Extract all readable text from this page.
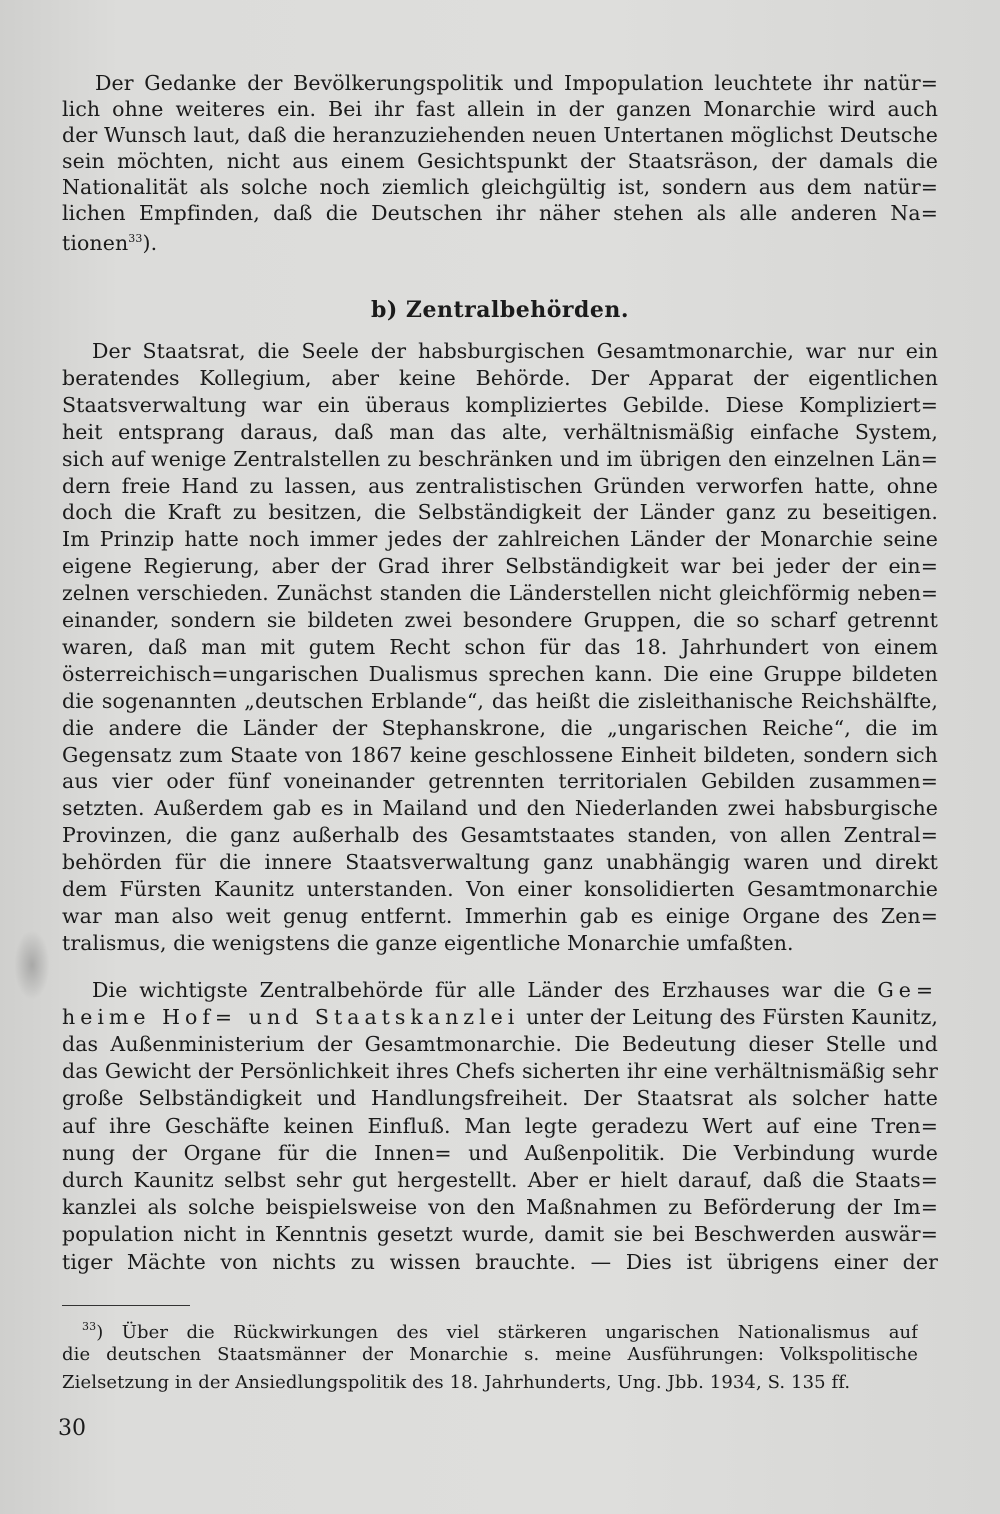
Der Gedanke der Bevölkerungspolitik und Impopulation leuchtete ihr natür=
lich ohne weiteres ein. Bei ihr fast allein in der ganzen Monarchie wird auch
der Wunsch laut, daß die heranzuziehenden neuen Untertanen möglichst Deutsche
sein möchten, nicht aus einem Gesichtspunkt der Staatsräson, der damals die
Nationalität als solche noch ziemlich gleichgültig ist, sondern aus dem natür=
lichen Empfinden, daß die Deutschen ihr näher stehen als alle anderen Na=
tionen$^{33}$).
b) Zentralbehörden.
Der Staatsrat, die Seele der habsburgischen Gesamtmonarchie, war nur ein
beratendes Kollegium, aber keine Behörde. Der Apparat der eigentlichen
Staatsverwaltung war ein überaus kompliziertes Gebilde. Diese Kompliziert=
heit entsprang daraus, daß man das alte, verhältnismäßig einfache System,
sich auf wenige Zentralstellen zu beschränken und im übrigen den einzelnen Län=
dern freie Hand zu lassen, aus zentralistischen Gründen verworfen hatte, ohne
doch die Kraft zu besitzen, die Selbständigkeit der Länder ganz zu beseitigen.
Im Prinzip hatte noch immer jedes der zahlreichen Länder der Monarchie seine
eigene Regierung, aber der Grad ihrer Selbständigkeit war bei jeder der ein=
zelnen verschieden. Zunächst standen die Länderstellen nicht gleichförmig neben=
einander, sondern sie bildeten zwei besondere Gruppen, die so scharf getrennt
waren, daß man mit gutem Recht schon für das 18. Jahrhundert von einem
österreichisch=ungarischen Dualismus sprechen kann. Die eine Gruppe bildeten
die sogenannten „deutschen Erblande“, das heißt die zisleithanische Reichshälfte,
die andere die Länder der Stephanskrone, die „ungarischen Reiche“, die im
Gegensatz zum Staate von 1867 keine geschlossene Einheit bildeten, sondern sich
aus vier oder fünf voneinander getrennten territorialen Gebilden zusammen=
setzten. Außerdem gab es in Mailand und den Niederlanden zwei habsburgische
Provinzen, die ganz außerhalb des Gesamtstaates standen, von allen Zentral=
behörden für die innere Staatsverwaltung ganz unabhängig waren und direkt
dem Fürsten Kaunitz unterstanden. Von einer konsolidierten Gesamtmonarchie
war man also weit genug entfernt. Immerhin gab es einige Organe des Zen=
tralismus, die wenigstens die ganze eigentliche Monarchie umfaßten.
Die wichtigste Zentralbehörde für alle Länder des Erzhauses war die Ge=
heime Hof= und Staatskanzlei unter der Leitung des Fürsten Kaunitz,
das Außenministerium der Gesamtmonarchie. Die Bedeutung dieser Stelle und
das Gewicht der Persönlichkeit ihres Chefs sicherten ihr eine verhältnismäßig sehr
große Selbständigkeit und Handlungsfreiheit. Der Staatsrat als solcher hatte
auf ihre Geschäfte keinen Einfluß. Man legte geradezu Wert auf eine Tren=
nung der Organe für die Innen= und Außenpolitik. Die Verbindung wurde
durch Kaunitz selbst sehr gut hergestellt. Aber er hielt darauf, daß die Staats=
kanzlei als solche beispielsweise von den Maßnahmen zu Beförderung der Im=
population nicht in Kenntnis gesetzt wurde, damit sie bei Beschwerden auswär=
tiger Mächte von nichts zu wissen brauchte. — Dies ist übrigens einer der
$^{33}$) Über die Rückwirkungen des viel stärkeren ungarischen Nationalismus auf
die deutschen Staatsmänner der Monarchie s. meine Ausführungen: Volkspolitische
Zielsetzung in der Ansiedlungspolitik des 18. Jahrhunderts, Ung. Jbb. 1934, S. 135 ff.
30
